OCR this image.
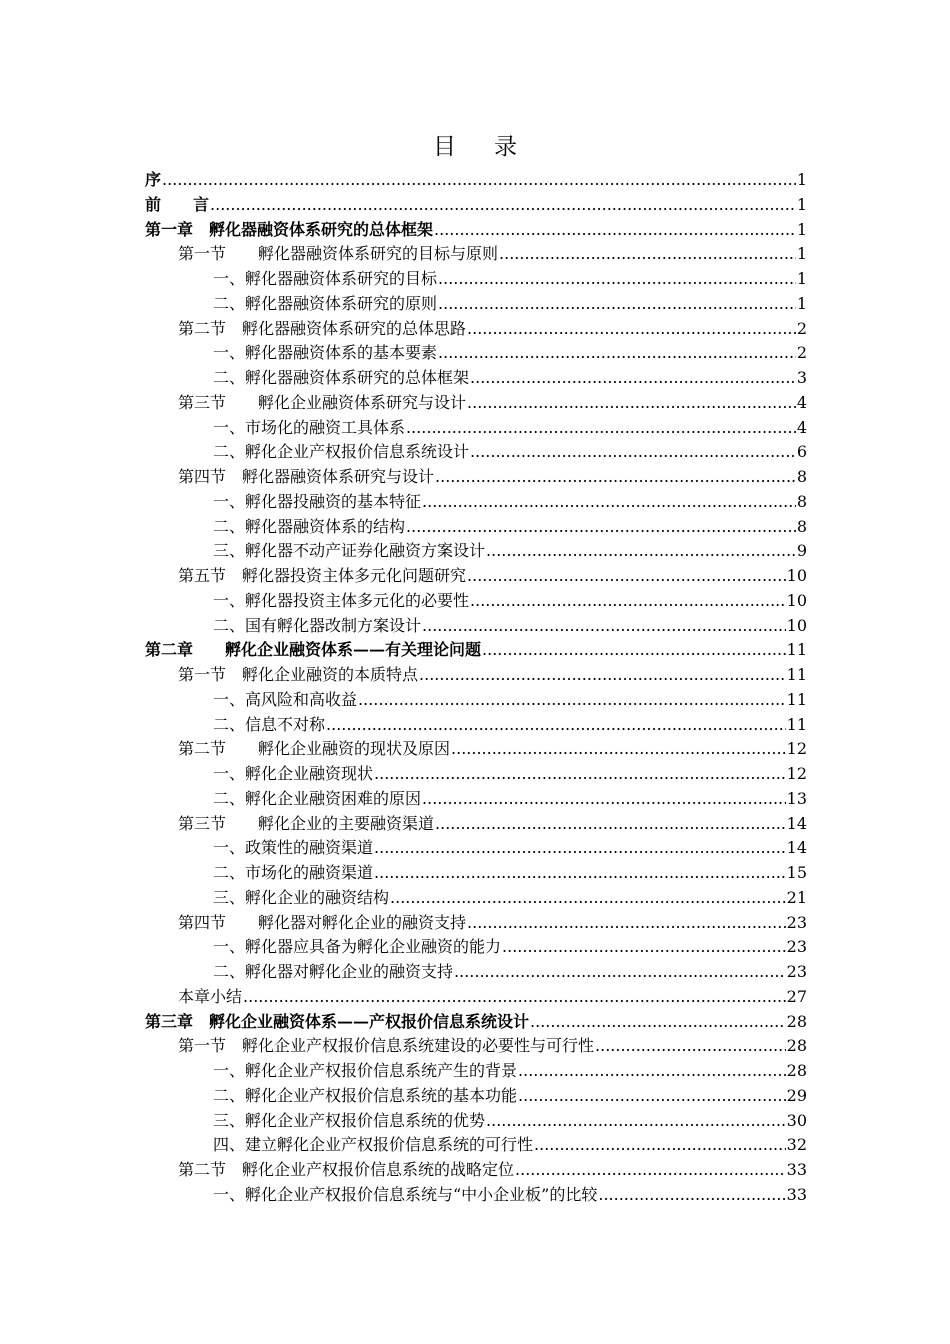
目录
序 .....	1
前　　言 .....	1
第一章　孵化器融资体系研究的总体框架 .....	1
第一节　　孵化器融资体系研究的目标与原则 .....	1
一、孵化器融资体系研究的目标 .....	1
二、孵化器融资体系研究的原则 .....	1
第二节　孵化器融资体系研究的总体思路 .....	2
一、孵化器融资体系的基本要素 .....	2
二、孵化器融资体系研究的总体框架 .....	3
第三节　　孵化企业融资体系研究与设计 .....	4
一、市场化的融资工具体系 .....	4
二、孵化企业产权报价信息系统设计 .....	6
第四节　孵化器融资体系研究与设计 .....	8
一、孵化器投融资的基本特征 .....	8
二、孵化器融资体系的结构 .....	8
三、孵化器不动产证券化融资方案设计 .....	9
第五节　孵化器投资主体多元化问题研究 .....	10
一、孵化器投资主体多元化的必要性 .....	10
二、国有孵化器改制方案设计 .....	10
第二章　　孵化企业融资体系——有关理论问题 .....	11
第一节　孵化企业融资的本质特点 .....	11
一、高风险和高收益 .....	11
二、信息不对称 .....	11
第二节　　孵化企业融资的现状及原因 .....	12
一、孵化企业融资现状 .....	12
二、孵化企业融资困难的原因 .....	13
第三节　　孵化企业的主要融资渠道 .....	14
一、政策性的融资渠道 .....	14
二、市场化的融资渠道 .....	15
三、孵化企业的融资结构 .....	21
第四节　　孵化器对孵化企业的融资支持 .....	23
一、孵化器应具备为孵化企业融资的能力 .....	23
二、孵化器对孵化企业的融资支持 .....	23
本章小结 .....	27
第三章　孵化企业融资体系——产权报价信息系统设计 .....	28
第一节　孵化企业产权报价信息系统建设的必要性与可行性 .....	28
一、孵化企业产权报价信息系统产生的背景 .....	28
二、孵化企业产权报价信息系统的基本功能 .....	29
三、孵化企业产权报价信息系统的优势 .....	30
四、建立孵化企业产权报价信息系统的可行性 .....	32
第二节　孵化企业产权报价信息系统的战略定位 .....	33
一、孵化企业产权报价信息系统与“中小企业板”的比较 .....	33
